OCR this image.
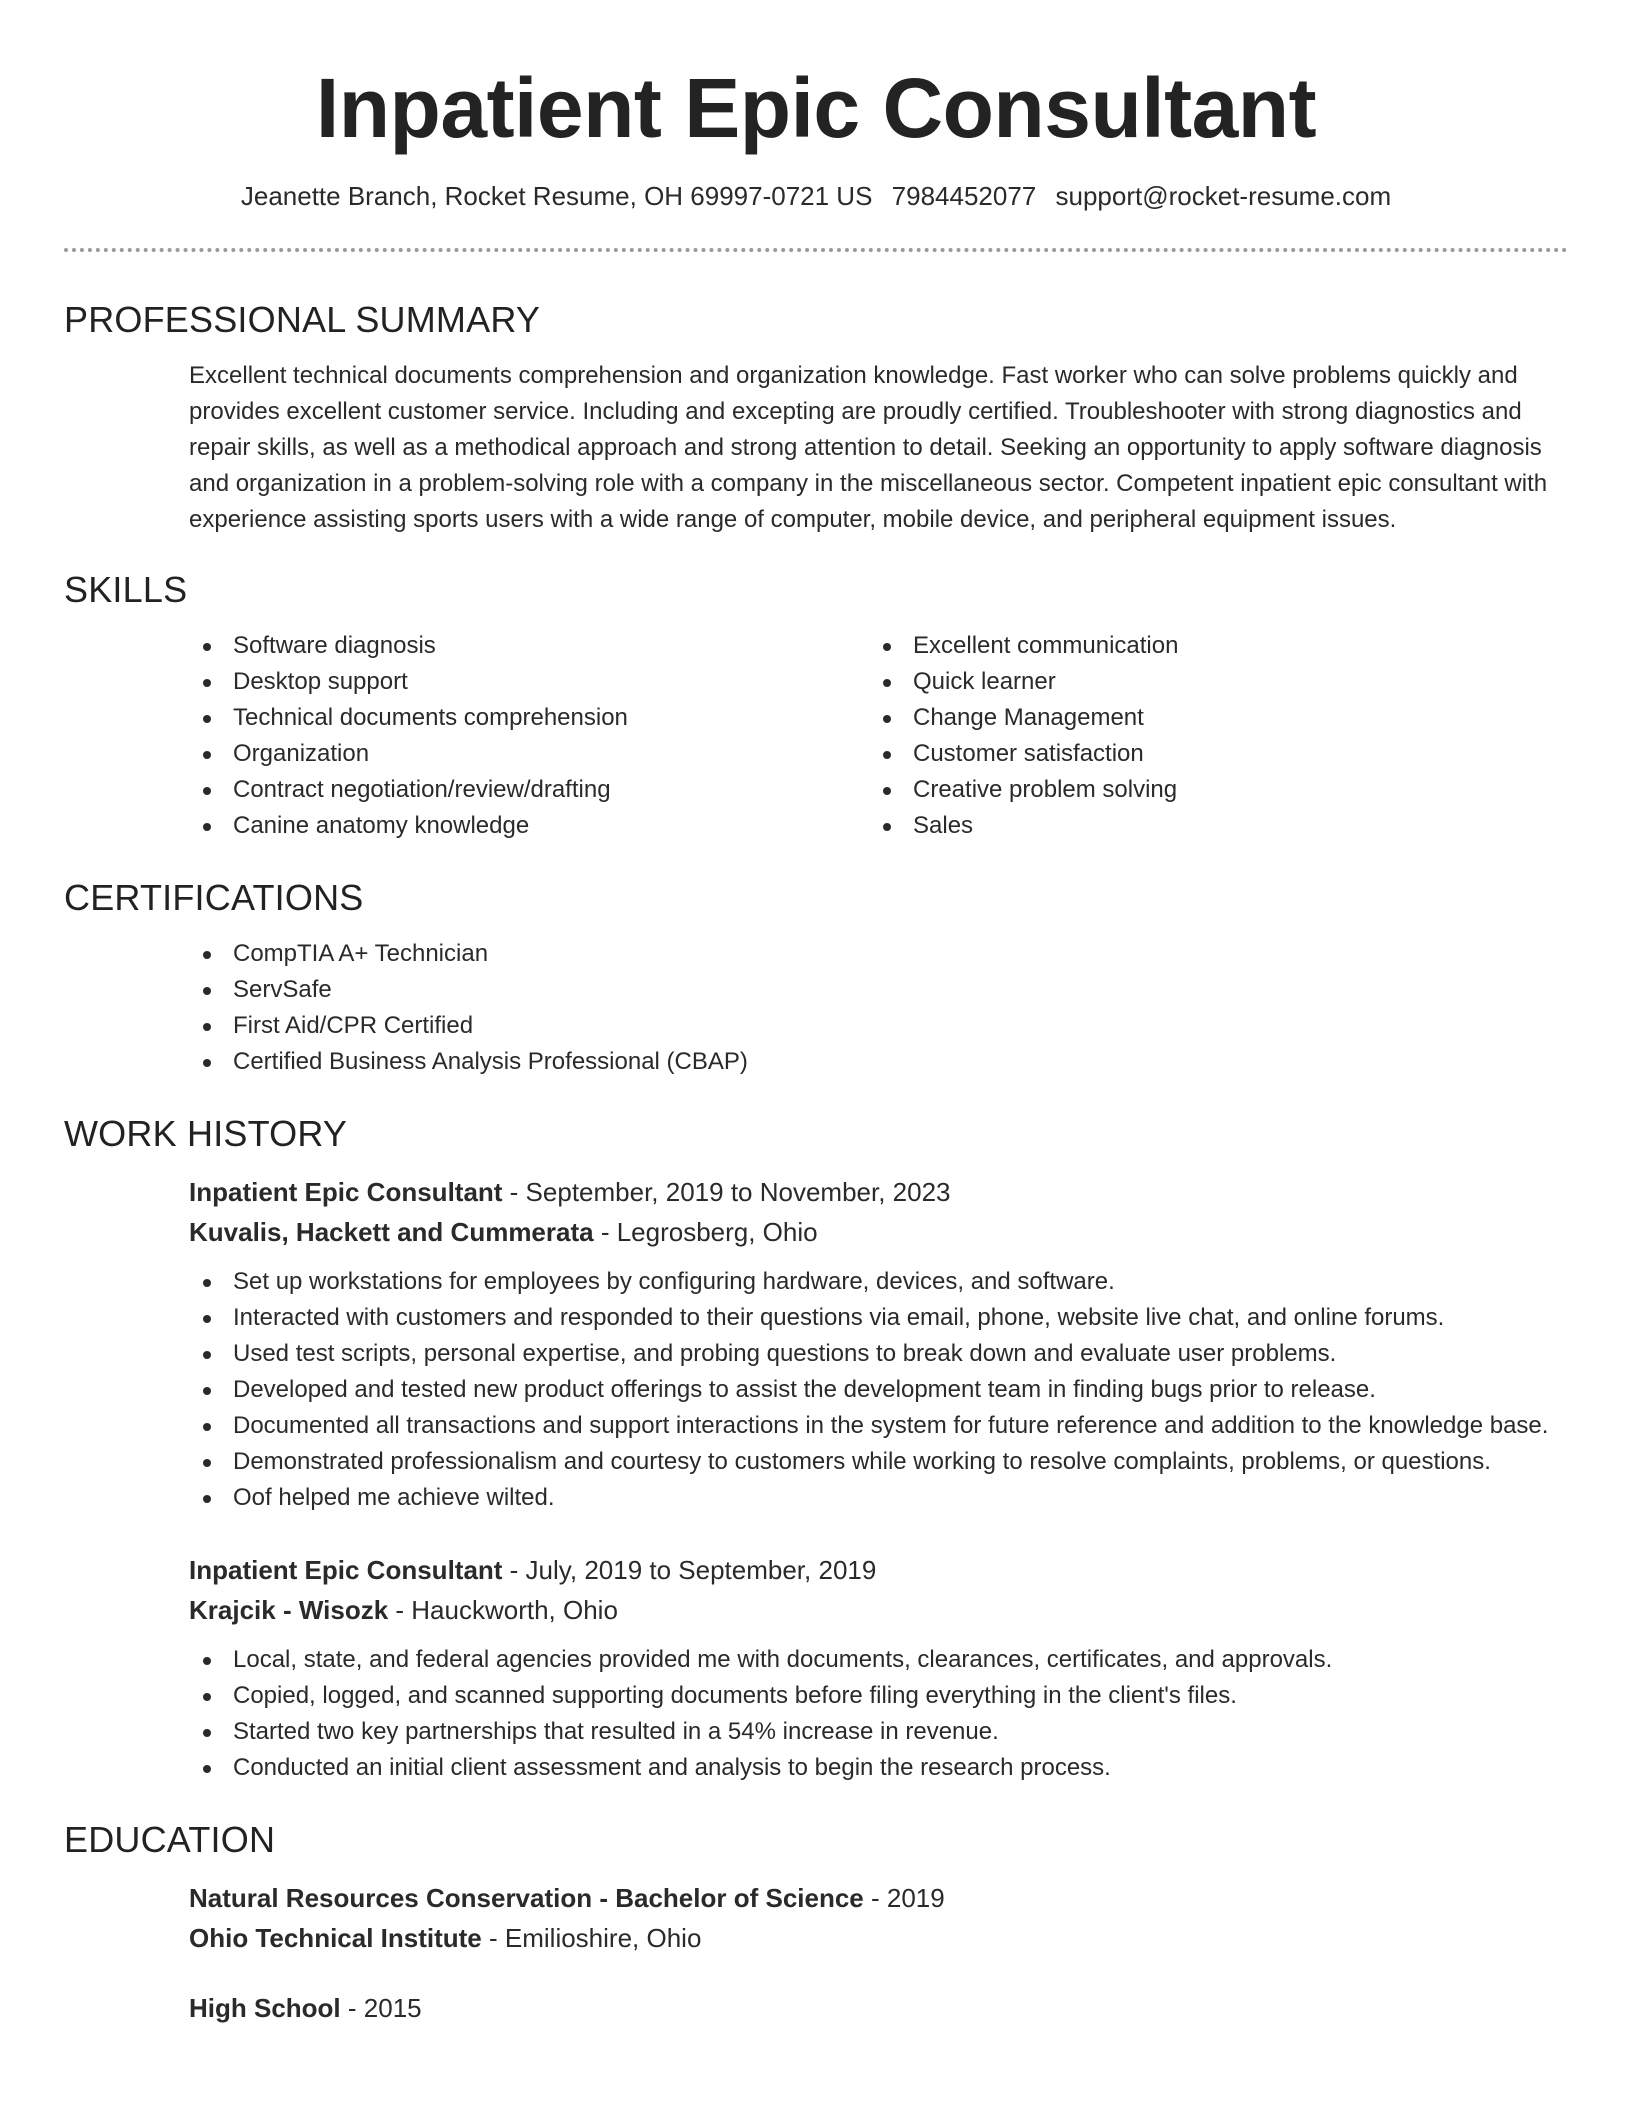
Inpatient Epic Consultant
Jeanette Branch, Rocket Resume, OH 69997-0721 US 7984452077 support@rocket-resume.com
PROFESSIONAL SUMMARY

Excellent technical documents comprehension and organization knowledge. Fast worker who can solve problems quickly and provides excellent customer service. Including and excepting are proudly certified. Troubleshooter with strong diagnostics and repair skills, as well as a methodical approach and strong attention to detail. Seeking an opportunity to apply software diagnosis and organization in a problem-solving role with a company in the miscellaneous sector. Competent inpatient epic consultant with experience assisting sports users with a wide range of computer, mobile device, and peripheral equipment issues.

SKILLS
Software diagnosis
Desktop support
Technical documents comprehension
Organization
Contract negotiation/review/drafting
Canine anatomy knowledge
Excellent communication
Quick learner
Change Management
Customer satisfaction
Creative problem solving
Sales
CERTIFICATIONS
CompTIA A+ Technician
ServSafe
First Aid/CPR Certified
Certified Business Analysis Professional (CBAP)
WORK HISTORY
Inpatient Epic Consultant - September, 2019 to November, 2023
Kuvalis, Hackett and Cummerata - Legrosberg, Ohio
Set up workstations for employees by configuring hardware, devices, and software.
Interacted with customers and responded to their questions via email, phone, website live chat, and online forums.
Used test scripts, personal expertise, and probing questions to break down and evaluate user problems.
Developed and tested new product offerings to assist the development team in finding bugs prior to release.
Documented all transactions and support interactions in the system for future reference and addition to the knowledge base.
Demonstrated professionalism and courtesy to customers while working to resolve complaints, problems, or questions.
Oof helped me achieve wilted.
Inpatient Epic Consultant - July, 2019 to September, 2019
Krajcik - Wisozk - Hauckworth, Ohio
Local, state, and federal agencies provided me with documents, clearances, certificates, and approvals.
Copied, logged, and scanned supporting documents before filing everything in the client's files.
Started two key partnerships that resulted in a 54% increase in revenue.
Conducted an initial client assessment and analysis to begin the research process.
EDUCATION
Natural Resources Conservation - Bachelor of Science - 2019
Ohio Technical Institute - Emilioshire, Ohio
High School - 2015
